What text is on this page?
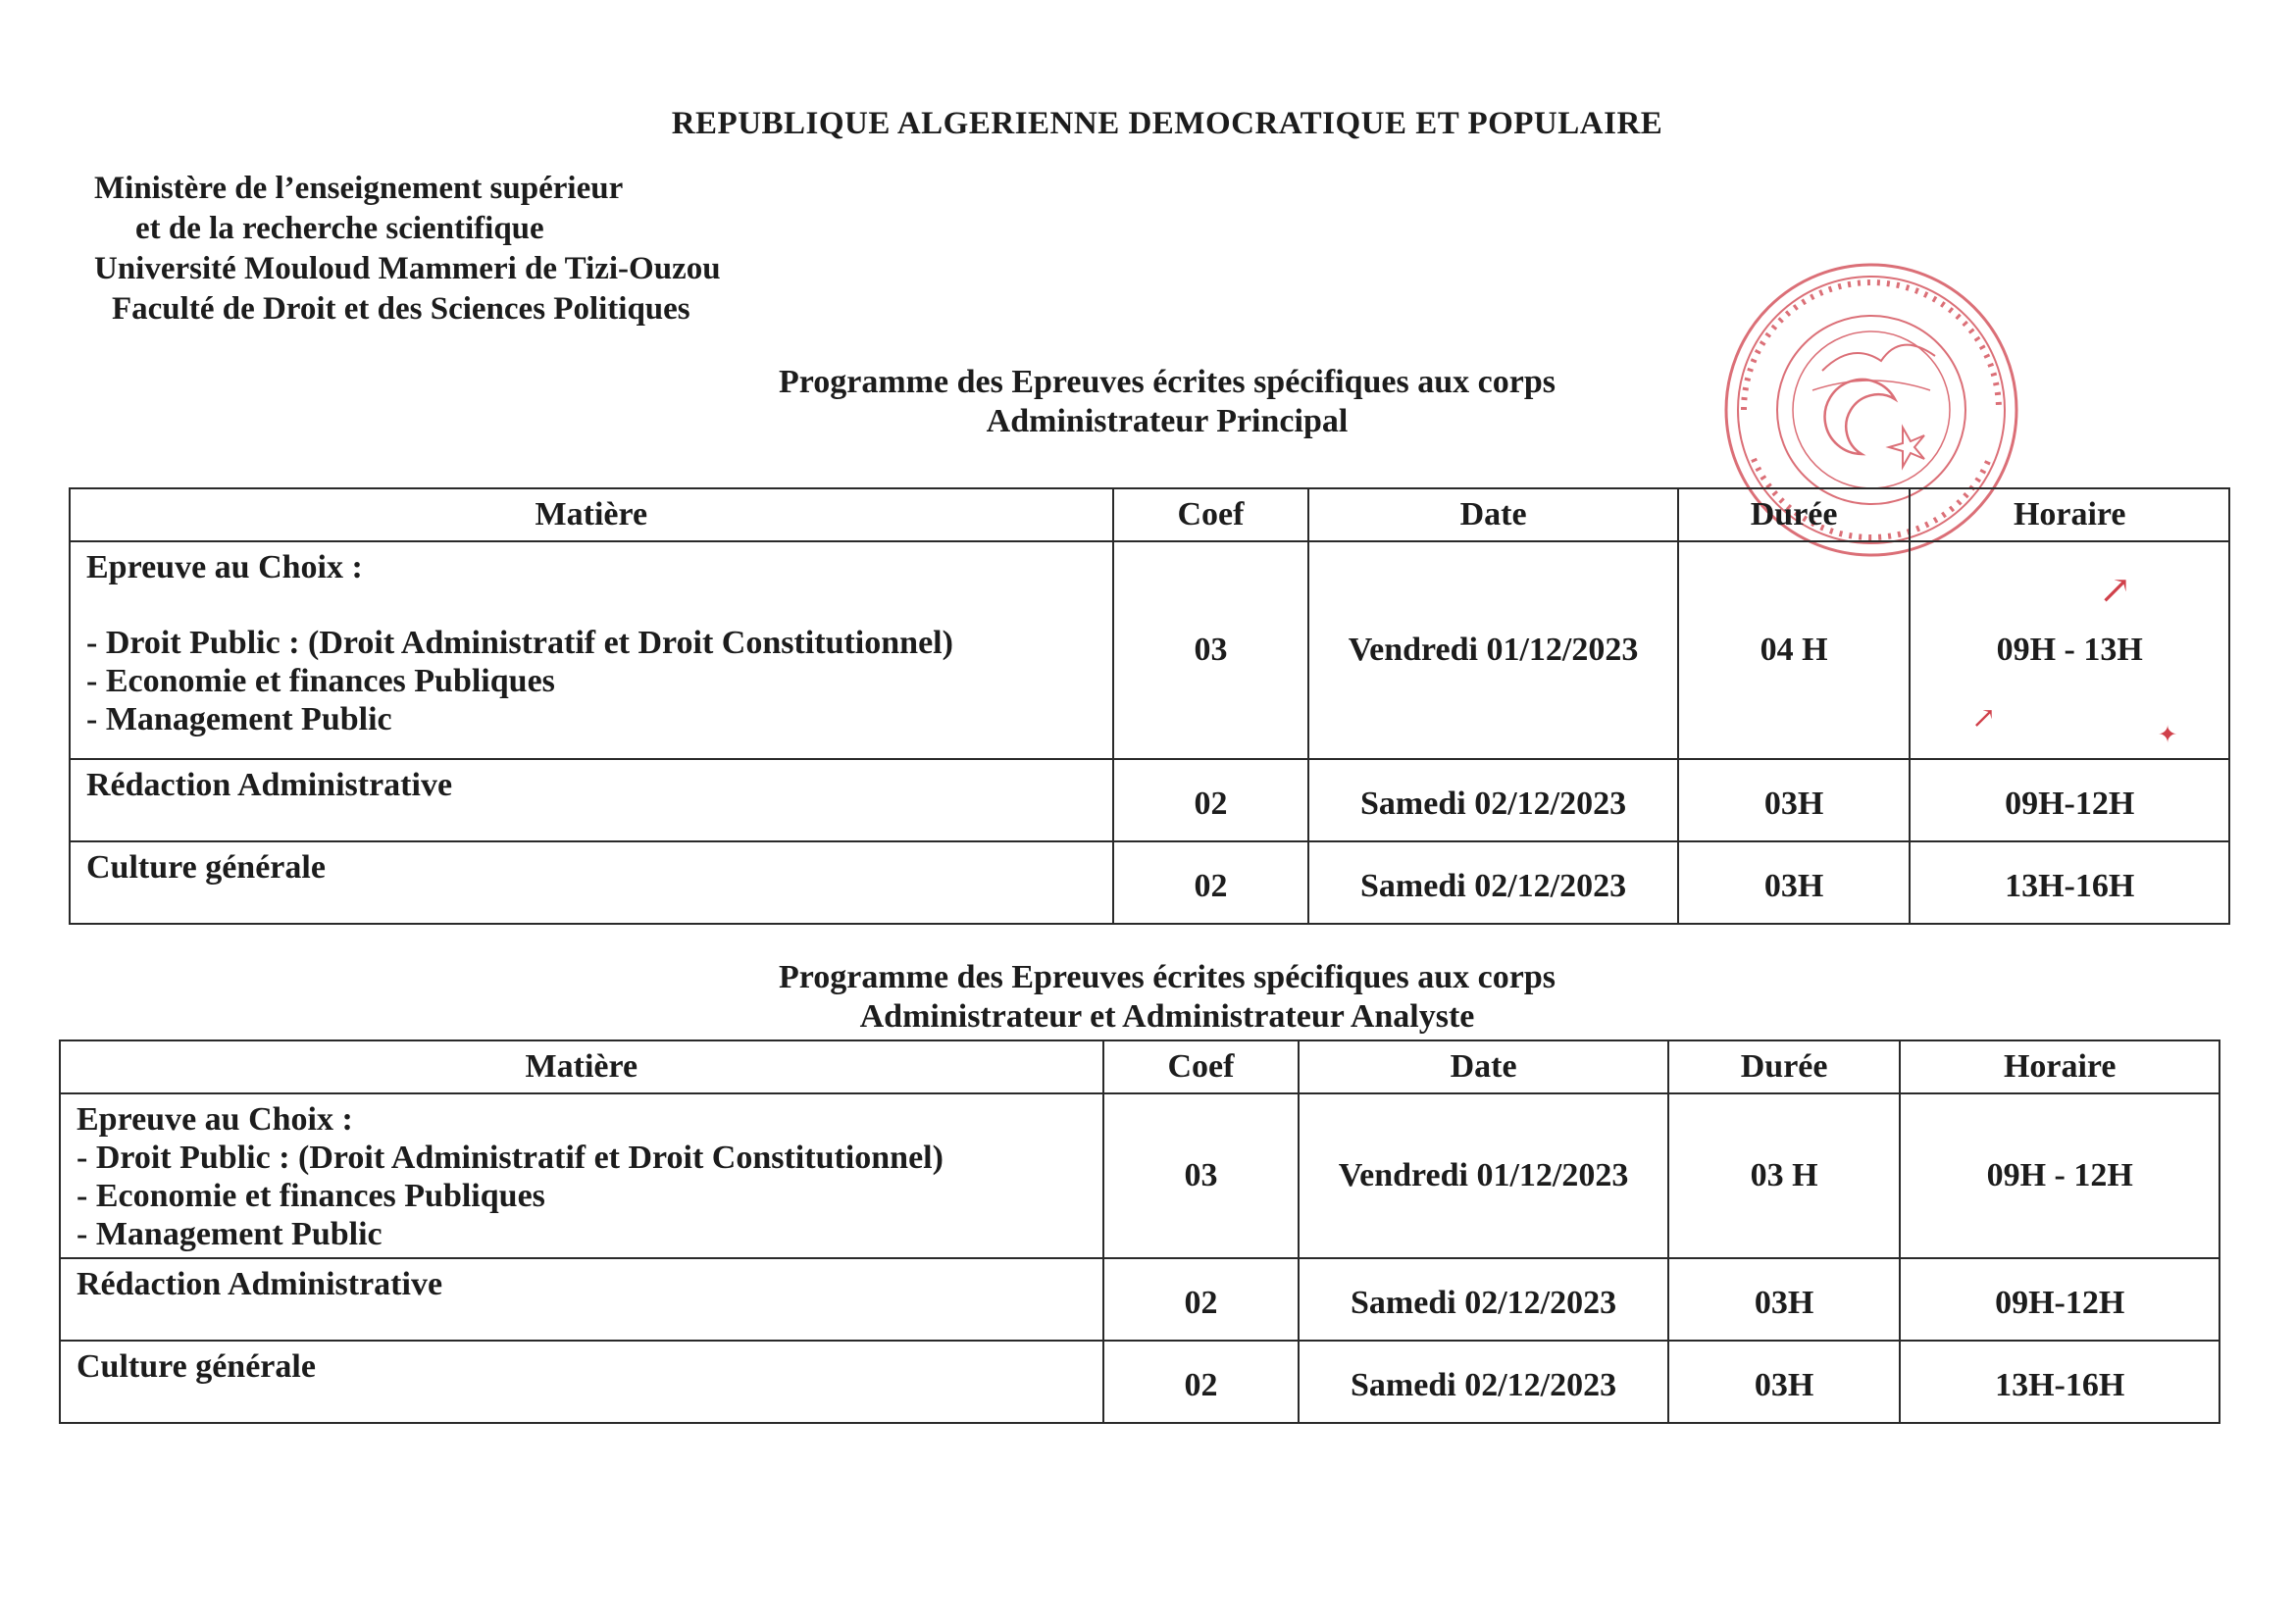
REPUBLIQUE ALGERIENNE DEMOCRATIQUE ET POPULAIRE
Ministère de l’enseignement supérieur
et de la recherche scientifique
Université Mouloud Mammeri de Tizi-Ouzou
Faculté de Droit et des Sciences Politiques
↗
↗
✦
Programme des Epreuves écrites spécifiques aux corps
Administrateur Principal
Matière	Coef	Date	Durée	Horaire

Epreuve au Choix :
- Droit Public : (Droit Administratif et Droit Constitutionnel)
- Economie et finances Publiques
- Management Public	03	Vendredi 01/12/2023	04 H	09H - 13H
Rédaction Administrative	02	Samedi 02/12/2023	03H	09H-12H
Culture générale	02	Samedi 02/12/2023	03H	13H-16H
Programme des Epreuves écrites spécifiques aux corps
Administrateur et Administrateur Analyste
Matière	Coef	Date	Durée	Horaire

Epreuve au Choix :
- Droit Public : (Droit Administratif et Droit Constitutionnel)
- Economie et finances Publiques
- Management Public	03	Vendredi 01/12/2023	03 H	09H - 12H
Rédaction Administrative	02	Samedi 02/12/2023	03H	09H-12H
Culture générale	02	Samedi 02/12/2023	03H	13H-16H
